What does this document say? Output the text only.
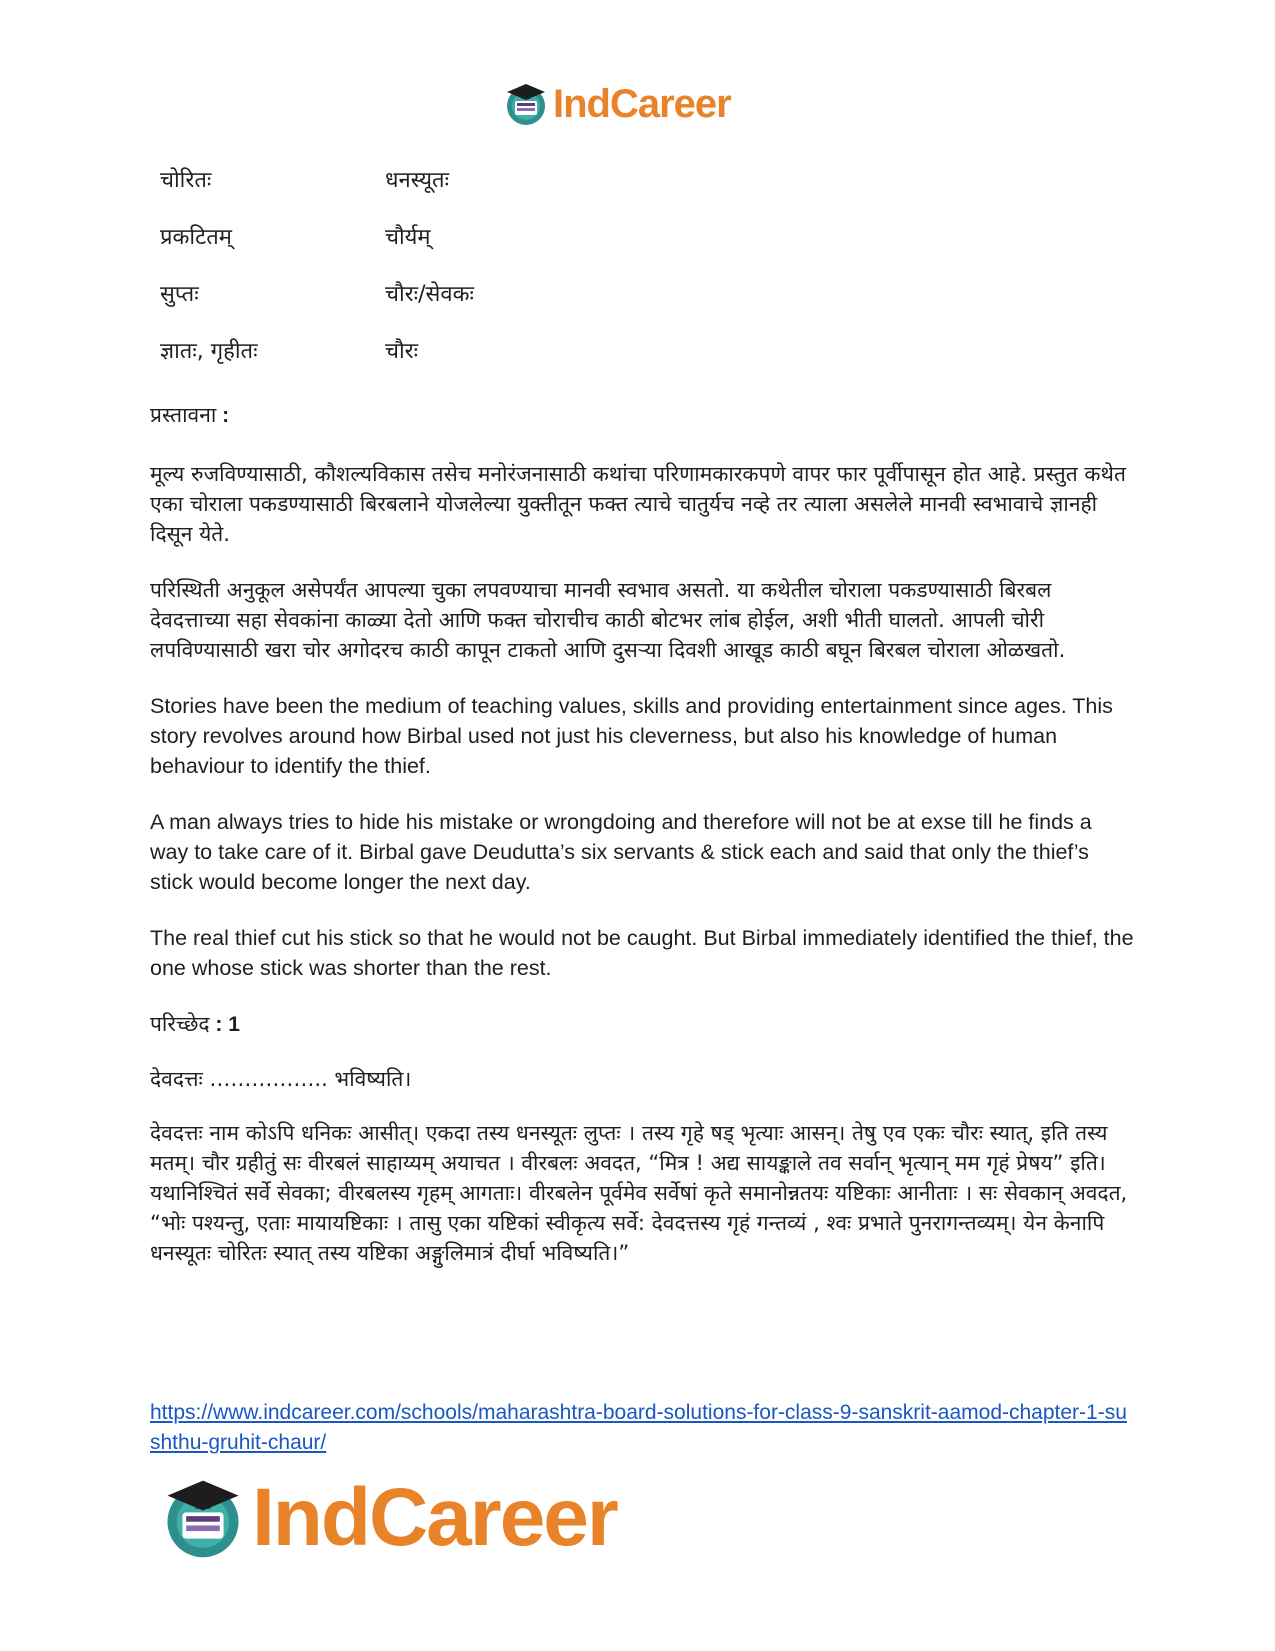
IndCareer
चोरितः	धनस्यूतः
प्रकटितम्	चौर्यम्
सुप्तः	चौरः/सेवकः
ज्ञातः, गृहीतः	चौरः

प्रस्तावना :

मूल्य रुजविण्यासाठी, कौशल्यविकास तसेच मनोरंजनासाठी कथांचा परिणामकारकपणे वापर फार पूर्वीपासून होत आहे. प्रस्तुत कथेत एका चोराला पकडण्यासाठी बिरबलाने योजलेल्या युक्तीतून फक्त त्याचे चातुर्यच नव्हे तर त्याला असलेले मानवी स्वभावाचे ज्ञानही दिसून येते.

परिस्थिती अनुकूल असेपर्यंत आपल्या चुका लपवण्याचा मानवी स्वभाव असतो. या कथेतील चोराला पकडण्यासाठी बिरबल देवदत्ताच्या सहा सेवकांना काळ्या देतो आणि फक्त चोराचीच काठी बोटभर लांब होईल, अशी भीती घालतो. आपली चोरी लपविण्यासाठी खरा चोर अगोदरच काठी कापून टाकतो आणि दुसऱ्या दिवशी आखूड काठी बघून बिरबल चोराला ओळखतो.

Stories have been the medium of teaching values, skills and providing entertainment since ages. This story revolves around how Birbal used not just his cleverness, but also his knowledge of human behaviour to identify the thief.

A man always tries to hide his mistake or wrongdoing and therefore will not be at exse till he finds a way to take care of it. Birbal gave Deudutta’s six servants & stick each and said that only the thief’s stick would become longer the next day.

The real thief cut his stick so that he would not be caught. But Birbal immediately identified the thief, the one whose stick was shorter than the rest.

परिच्छेद : 1

देवदत्तः …………….. भविष्यति।

देवदत्तः नाम कोऽपि धनिकः आसीत्। एकदा तस्य धनस्यूतः लुप्तः । तस्य गृहे षड् भृत्याः आसन्। तेषु एव एकः चौरः स्यात्, इति तस्य मतम्। चौर ग्रहीतुं सः वीरबलं साहाय्यम् अयाचत । वीरबलः अवदत, “मित्र ! अद्य सायङ्काले तव सर्वान् भृत्यान् मम गृहं प्रेषय” इति। यथानिश्चितं सर्वे सेवका; वीरबलस्य गृहम् आगताः। वीरबलेन पूर्वमेव सर्वेषां कृते समानोन्नतयः यष्टिकाः आनीताः । सः सेवकान् अवदत, “भोः पश्यन्तु, एताः मायायष्टिकाः । तासु एका यष्टिकां स्वीकृत्य सर्वे: देवदत्तस्य गृहं गन्तव्यं , श्वः प्रभाते पुनरागन्तव्यम्। येन केनापि धनस्यूतः चोरितः स्यात् तस्य यष्टिका अङ्गुलिमात्रं दीर्घा भविष्यति।”

https://www.indcareer.com/schools/maharashtra-board-solutions-for-class-9-sanskrit-aamod-chapter-1-sushthu-gruhit-chaur/
IndCareer
